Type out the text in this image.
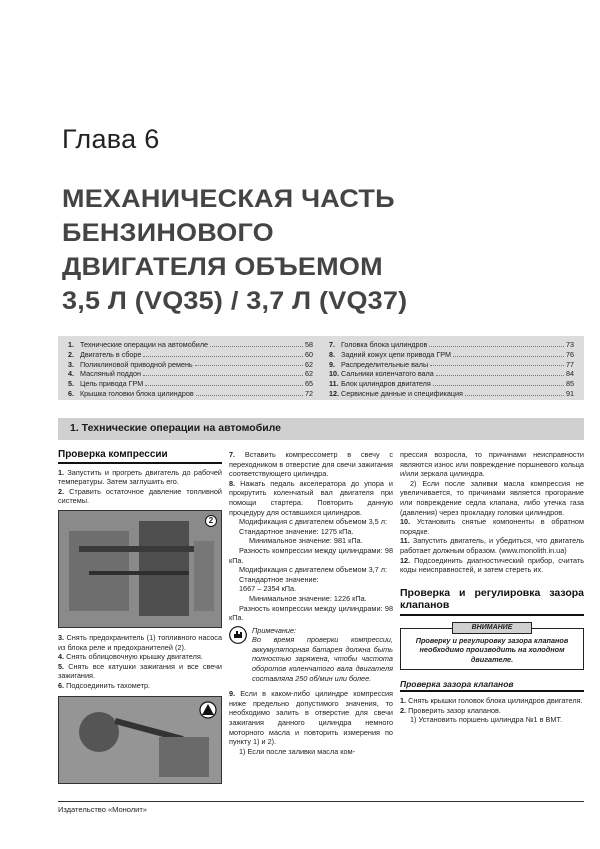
Глава 6
МЕХАНИЧЕСКАЯ ЧАСТЬ
БЕНЗИНОВОГО
ДВИГАТЕЛЯ ОБЪЕМОМ
3,5 Л (VQ35) / 3,7 Л (VQ37)
1. Технические операции на автомобиле	58
2. Двигатель в сборе	60
3. Поликлиновой приводной ремень	62
4. Масляный поддон	62
5. Цепь привода ГРМ	65
6. Крышка головки блока цилиндров	72
7. Головка блока цилиндров	73
8. Задний кожух цепи привода ГРМ	76
9. Распределительные валы	77
10. Сальники коленчатого вала	84
11. Блок цилиндров двигателя	85
12. Сервисные данные и спецификация	91
1. Технические операции на автомобиле
Проверка компрессии

1. Запустить и прогреть двигатель до рабочей температуры. Затем заглушить его.

2. Стравить остаточное давление топливной системы.

2

3. Снять предохранитель (1) топливного насоса из блока реле и предохранителей (2).

4. Снять облицовочную крышку двигателя.

5. Снять все катушки зажигания и все свечи зажигания.

6. Подсоединить тахометр.

7. Вставить компрессометр в свечу с переходником в отверстие для свечи зажигания соответствующего цилиндра.

8. Нажать педаль акселератора до упора и прокрутить коленчатый вал двигателя при помощи стартера. Повторить данную процедуру для оставшихся цилиндров.

Модификация с двигателем объемом 3,5 л:

Стандартное значение: 1275 кПа.

Минимальное значение: 981 кПа.

Разность компрессии между цилиндрами: 98 кПа.

Модификация с двигателем объемом 3,7 л:

Стандартное значение:

1667 – 2354 кПа.

Минимальное значение: 1226 кПа.

Разность компрессии между цилиндрами: 98 кПа.

Примечание:
Во время проверки компрессии, аккумуляторная батарея должна быть полностью заряжена, чтобы частота оборотов коленчатого вала двигателя составляла 250 об/мин или более.

9. Если в каком-либо цилиндре компрессия ниже предельно допустимого значения, то необходимо залить в отверстие для свечи зажигания данного цилиндра немного моторного масла и повторить измерения по пункту 1) и 2).

1) Если после заливки масла ком-

прессия возросла, то причинами неисправности являются износ или повреждение поршневого кольца и/или зеркала цилиндра.

2) Если после заливки масла компрессия не увеличивается, то причинами является прогорание или повреждение седла клапана, либо утечка газа (давления) через прокладку головки цилиндров.

10. Установить снятые компоненты в обратном порядке.

11. Запустить двигатель, и убедиться, что двигатель работает должным образом. (www.monolith.in.ua)

12. Подсоединить диагностический прибор, считать коды неисправностей, и затем стереть их.

Проверка и регулировка зазора клапанов
ВНИМАНИЕ
Проверку и регулировку зазора клапанов необходимо производить на холодном двигателе.
Проверка зазора клапанов

1. Снять крышки головок блока цилиндров двигателя.

2. Проверить зазор клапанов.

1) Установить поршень цилиндра №1 в ВМТ.

Издательство «Монолит»
